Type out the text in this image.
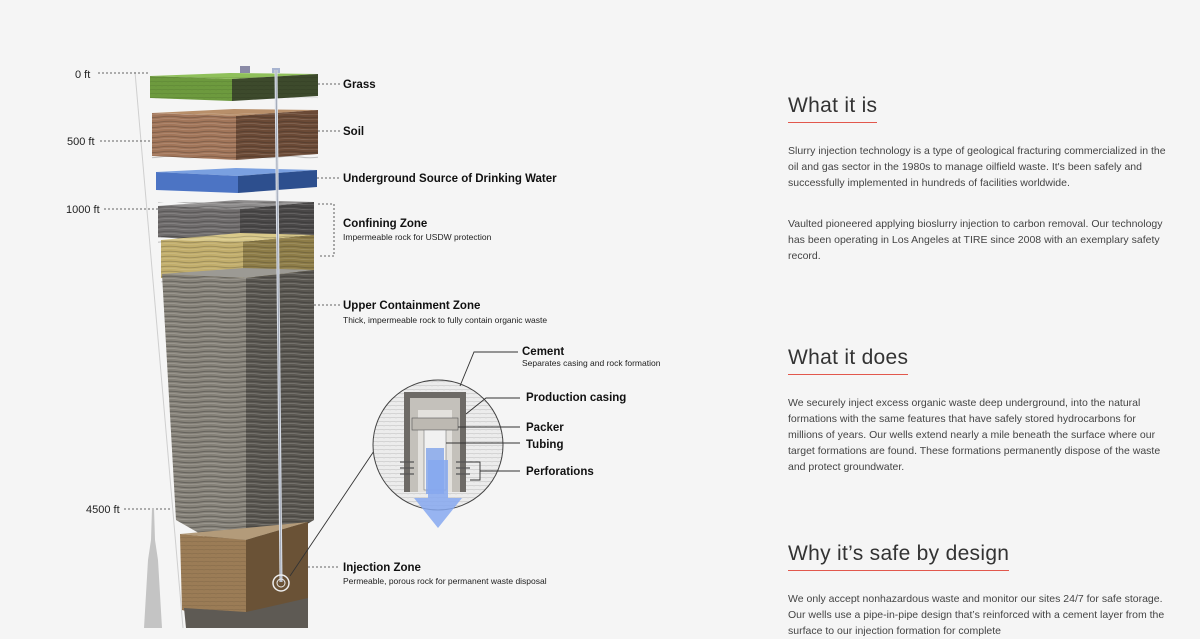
0 ft
500 ft
1000 ft
4500 ft
Grass
Soil
Underground Source of Drinking Water
Confining Zone
Impermeable rock for USDW protection
Upper Containment Zone
Thick, impermeable rock to fully contain organic waste
Injection Zone
Permeable, porous rock for permanent waste disposal
Cement
Separates casing and rock formation
Production casing
Packer
Tubing
Perforations
What it is

Slurry injection technology is a type of geological fracturing commercialized in the oil and gas sector in the 1980s to manage oilfield waste. It's been safely and successfully implemented in hundreds of facilities worldwide.

Vaulted pioneered applying bioslurry injection to carbon removal. Our technology has been operating in Los Angeles at TIRE since 2008 with an exemplary safety record.

What it does

We securely inject excess organic waste deep underground, into the natural formations with the same features that have safely stored hydrocarbons for millions of years. Our wells extend nearly a mile beneath the surface where our target formations are found. These formations permanently dispose of the waste and protect groundwater.

Why it’s safe by design

We only accept nonhazardous waste and monitor our sites 24/7 for safe storage. Our wells use a pipe-in-pipe design that’s reinforced with a cement layer from the surface to our injection formation for complete
